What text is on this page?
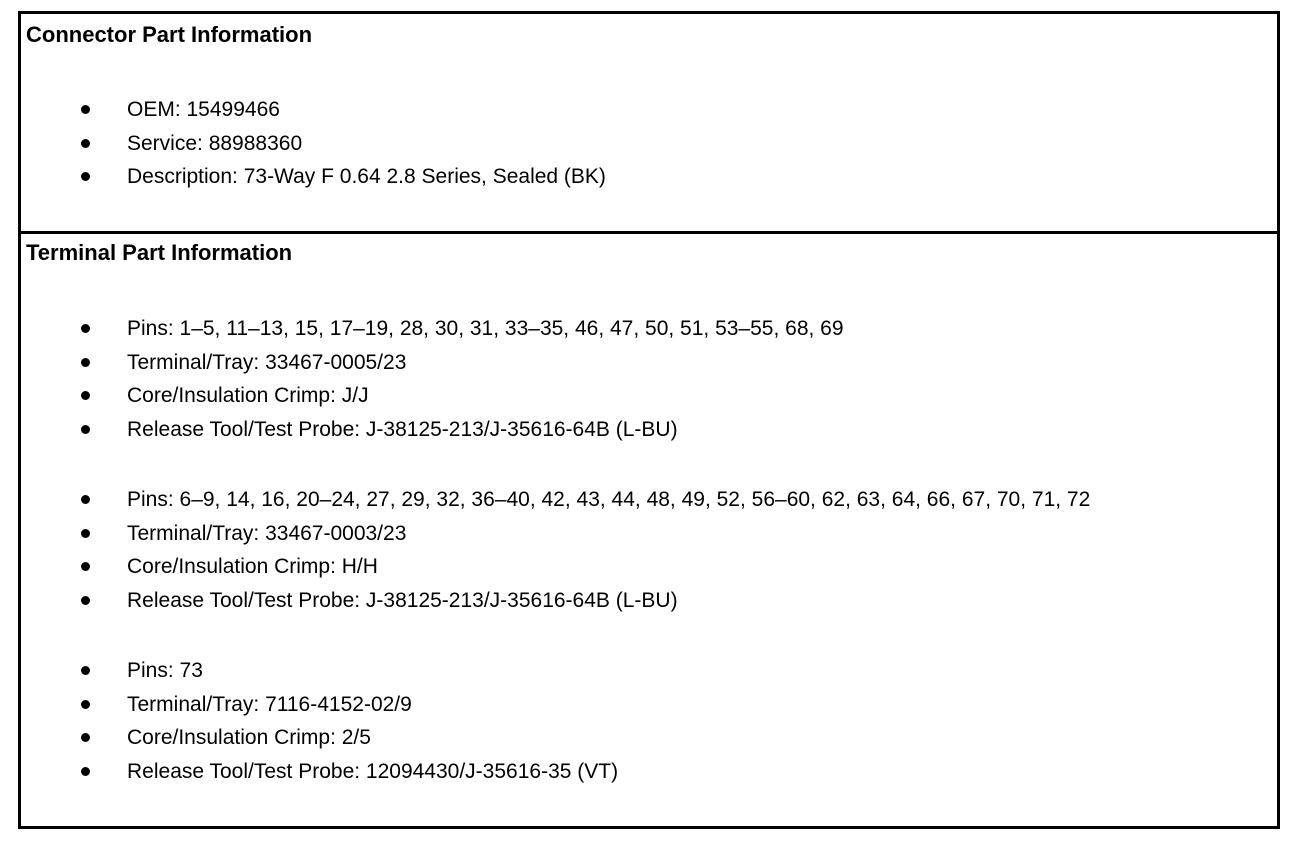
Connector Part Information
OEM: 15499466
Service: 88988360
Description: 73-Way F 0.64 2.8 Series, Sealed (BK)
Terminal Part Information
Pins: 1–5, 11–13, 15, 17–19, 28, 30, 31, 33–35, 46, 47, 50, 51, 53–55, 68, 69
Terminal/Tray: 33467-0005/23
Core/Insulation Crimp: J/J
Release Tool/Test Probe: J-38125-213/J-35616-64B (L-BU)
Pins: 6–9, 14, 16, 20–24, 27, 29, 32, 36–40, 42, 43, 44, 48, 49, 52, 56–60, 62, 63, 64, 66, 67, 70, 71, 72
Terminal/Tray: 33467-0003/23
Core/Insulation Crimp: H/H
Release Tool/Test Probe: J-38125-213/J-35616-64B (L-BU)
Pins: 73
Terminal/Tray: 7116-4152-02/9
Core/Insulation Crimp: 2/5
Release Tool/Test Probe: 12094430/J-35616-35 (VT)
